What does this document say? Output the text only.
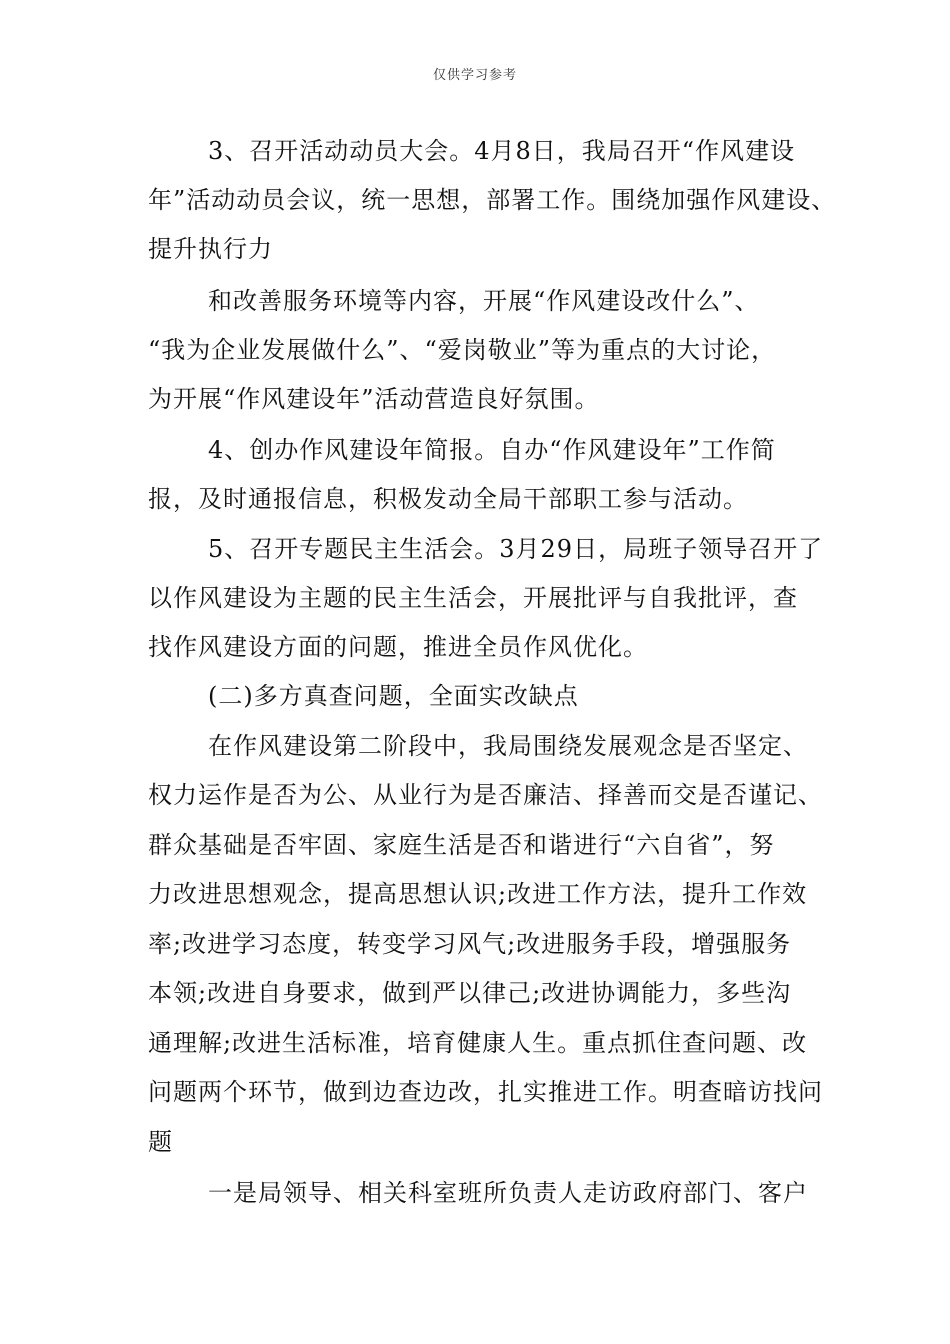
仅供学习参考
3、召开活动动员大会。4月8日，我局召开“作风建设
年”活动动员会议，统一思想，部署工作。围绕加强作风建设、
提升执行力
和改善服务环境等内容，开展“作风建设改什么”、
“我为企业发展做什么”、“爱岗敬业”等为重点的大讨论，
为开展“作风建设年”活动营造良好氛围。
4、创办作风建设年简报。自办“作风建设年”工作简
报，及时通报信息，积极发动全局干部职工参与活动。
5、召开专题民主生活会。3月29日，局班子领导召开了
以作风建设为主题的民主生活会，开展批评与自我批评，查
找作风建设方面的问题，推进全员作风优化。
(二)多方真查问题，全面实改缺点
在作风建设第二阶段中，我局围绕发展观念是否坚定、
权力运作是否为公、从业行为是否廉洁、择善而交是否谨记、
群众基础是否牢固、家庭生活是否和谐进行“六自省”，努
力改进思想观念，提高思想认识;改进工作方法，提升工作效
率;改进学习态度，转变学习风气;改进服务手段，增强服务
本领;改进自身要求，做到严以律己;改进协调能力，多些沟
通理解;改进生活标准，培育健康人生。重点抓住查问题、改
问题两个环节，做到边查边改，扎实推进工作。明查暗访找问
题
一是局领导、相关科室班所负责人走访政府部门、客户
